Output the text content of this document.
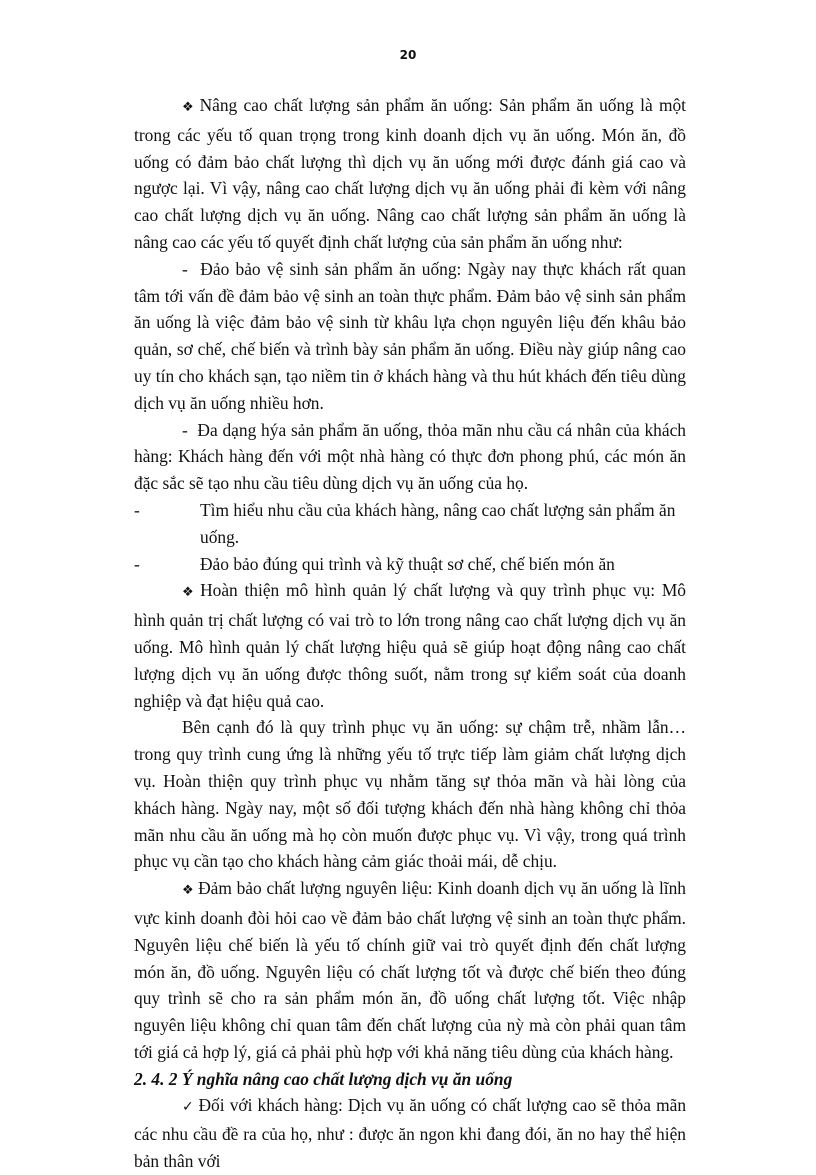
20

❖ Nâng cao chất lượng sản phẩm ăn uống: Sản phẩm ăn uống là một trong các yếu tố quan trọng trong kinh doanh dịch vụ ăn uống. Món ăn, đồ uống có đảm bảo chất lượng thì dịch vụ ăn uống mới được đánh giá cao và ngược lại. Vì vậy, nâng cao chất lượng dịch vụ ăn uống phải đi kèm với nâng cao chất lượng dịch vụ ăn uống. Nâng cao chất lượng sản phẩm ăn uống là nâng cao các yếu tố quyết định chất lượng của sản phẩm ăn uống như:

- Đảo bảo vệ sinh sản phẩm ăn uống: Ngày nay thực khách rất quan tâm tới vấn đề đảm bảo vệ sinh an toàn thực phẩm. Đảm bảo vệ sinh sản phẩm ăn uống là việc đảm bảo vệ sinh từ khâu lựa chọn nguyên liệu đến khâu bảo quản, sơ chế, chế biến và trình bày sản phẩm ăn uống. Điều này giúp nâng cao uy tín cho khách sạn, tạo niềm tin ở khách hàng và thu hút khách đến tiêu dùng dịch vụ ăn uống nhiều hơn.

- Đa dạng hýa sản phẩm ăn uống, thỏa mãn nhu cầu cá nhân của khách hàng: Khách hàng đến với một nhà hàng có thực đơn phong phú, các món ăn đặc sắc sẽ tạo nhu cầu tiêu dùng dịch vụ ăn uống của họ.

-	Tìm hiểu nhu cầu của khách hàng, nâng cao chất lượng sản phẩm ăn uống.
-	Đảo bảo đúng qui trình và kỹ thuật sơ chế, chế biến món ăn

❖ Hoàn thiện mô hình quản lý chất lượng và quy trình phục vụ: Mô hình quản trị chất lượng có vai trò to lớn trong nâng cao chất lượng dịch vụ ăn uống. Mô hình quản lý chất lượng hiệu quả sẽ giúp hoạt động nâng cao chất lượng dịch vụ ăn uống được thông suốt, nằm trong sự kiểm soát của doanh nghiệp và đạt hiệu quả cao.

Bên cạnh đó là quy trình phục vụ ăn uống: sự chậm trễ, nhầm lẫn…trong quy trình cung ứng là những yếu tố trực tiếp làm giảm chất lượng dịch vụ. Hoàn thiện quy trình phục vụ nhằm tăng sự thỏa mãn và hài lòng của khách hàng. Ngày nay, một số đối tượng khách đến nhà hàng không chỉ thỏa mãn nhu cầu ăn uống mà họ còn muốn được phục vụ. Vì vậy, trong quá trình phục vụ cần tạo cho khách hàng cảm giác thoải mái, dễ chịu.

❖ Đảm bảo chất lượng nguyên liệu: Kinh doanh dịch vụ ăn uống là lĩnh vực kinh doanh đòi hỏi cao về đảm bảo chất lượng vệ sinh an toàn thực phẩm. Nguyên liệu chế biến là yếu tố chính giữ vai trò quyết định đến chất lượng món ăn, đồ uống. Nguyên liệu có chất lượng tốt và được chế biến theo đúng quy trình sẽ cho ra sản phẩm món ăn, đồ uống chất lượng tốt. Việc nhập nguyên liệu không chỉ quan tâm đến chất lượng của nỳ mà còn phải quan tâm tới giá cả hợp lý, giá cả phải phù hợp với khả năng tiêu dùng của khách hàng.

2. 4. 2 Ý nghĩa nâng cao chất lượng dịch vụ ăn uống

✓ Đối với khách hàng: Dịch vụ ăn uống có chất lượng cao sẽ thỏa mãn các nhu cầu đề ra của họ, như : được ăn ngon khi đang đói, ăn no hay thể hiện bản thân với
